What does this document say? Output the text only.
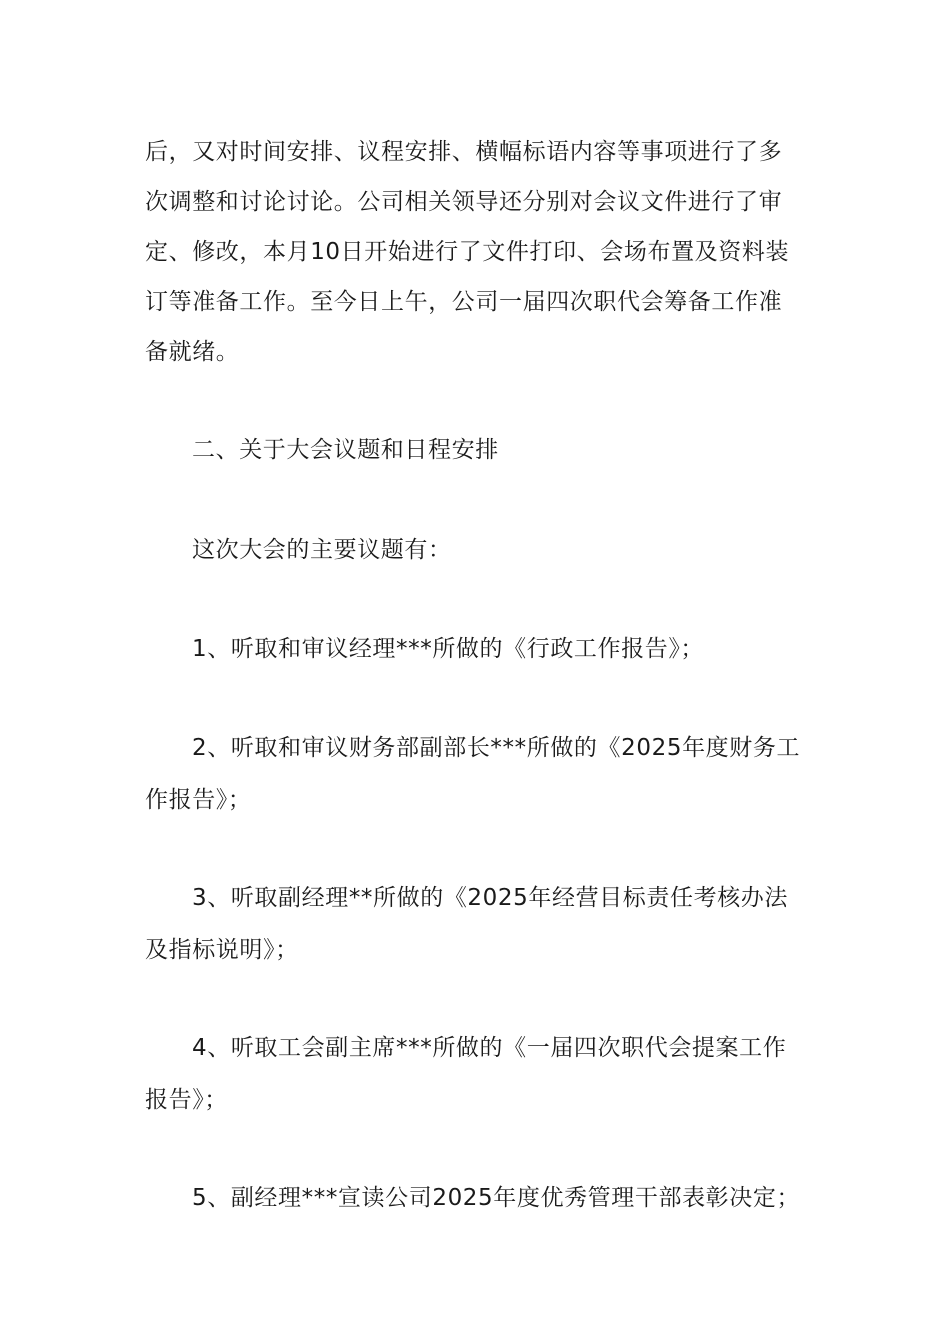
后，又对时间安排、议程安排、横幅标语内容等事项进行了多
次调整和讨论讨论。公司相关领导还分别对会议文件进行了审
定、修改，本月10日开始进行了文件打印、会场布置及资料装
订等准备工作。至今日上午，公司一届四次职代会筹备工作准
备就绪。
二、关于大会议题和日程安排
这次大会的主要议题有：
1、听取和审议经理***所做的《行政工作报告》；
2、听取和审议财务部副部长***所做的《2025年度财务工
作报告》；
3、听取副经理**所做的《2025年经营目标责任考核办法
及指标说明》；
4、听取工会副主席***所做的《一届四次职代会提案工作
报告》；
5、副经理***宣读公司2025年度优秀管理干部表彰决定；
